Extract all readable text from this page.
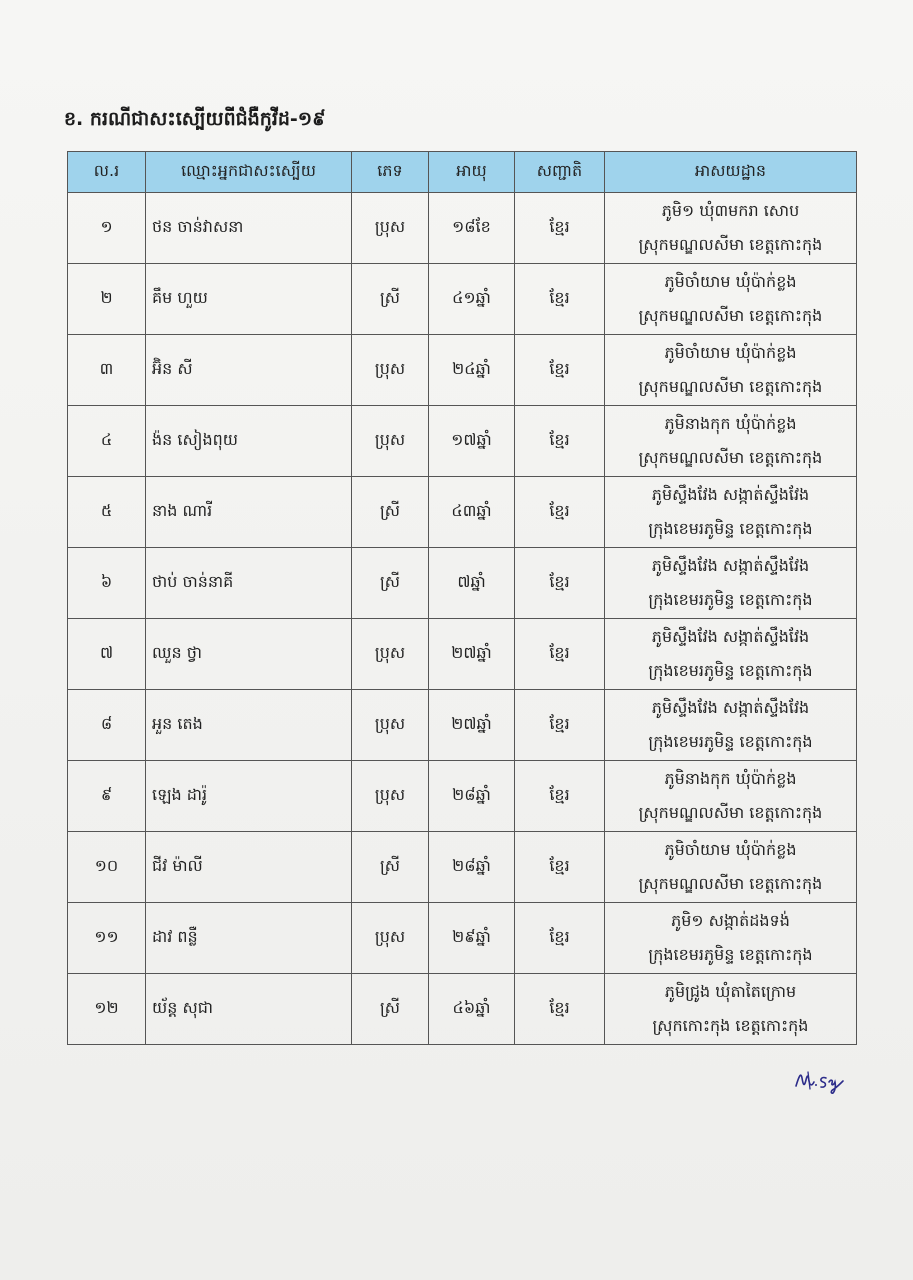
ខ. ករណីជាសះស្បើយពីជំងឺកូវីដ-១៩
ល.រ	ឈ្មោះអ្នកជាសះស្បើយ	ភេទ	អាយុ	សញ្ជាតិ	អាសយដ្ឋាន
១	ថន ចាន់វាសនា	ប្រុស	១៨ខែ	ខ្មែរ	ភូមិ១ ឃុំ៣មករា សោប
ស្រុកមណ្ឌលសីមា ខេត្តកោះកុង

២	គឹម ហួយ	ស្រី	៤១ឆ្នាំ	ខ្មែរ	ភូមិចាំយាម ឃុំប៉ាក់ខ្លង
ស្រុកមណ្ឌលសីមា ខេត្តកោះកុង

៣	អ៊ិន សី	ប្រុស	២៤ឆ្នាំ	ខ្មែរ	ភូមិចាំយាម ឃុំប៉ាក់ខ្លង
ស្រុកមណ្ឌលសីមា ខេត្តកោះកុង

៤	ង៉ន សៀងពុយ	ប្រុស	១៧ឆ្នាំ	ខ្មែរ	ភូមិនាងកុក ឃុំប៉ាក់ខ្លង
ស្រុកមណ្ឌលសីមា ខេត្តកោះកុង

៥	នាង ណារី	ស្រី	៤៣ឆ្នាំ	ខ្មែរ	ភូមិស្ទឹងវែង សង្កាត់ស្ទឹងវែង
ក្រុងខេមរភូមិន្ទ ខេត្តកោះកុង

៦	ថាប់ ចាន់នាគី	ស្រី	៧ឆ្នាំ	ខ្មែរ	ភូមិស្ទឹងវែង សង្កាត់ស្ទឹងវែង
ក្រុងខេមរភូមិន្ទ ខេត្តកោះកុង

៧	ឈួន ថ្វា	ប្រុស	២៧ឆ្នាំ	ខ្មែរ	ភូមិស្ទឹងវែង សង្កាត់ស្ទឹងវែង
ក្រុងខេមរភូមិន្ទ ខេត្តកោះកុង

៨	អួន តេង	ប្រុស	២៧ឆ្នាំ	ខ្មែរ	ភូមិស្ទឹងវែង សង្កាត់ស្ទឹងវែង
ក្រុងខេមរភូមិន្ទ ខេត្តកោះកុង

៩	ឡេង ដារ៉ូ	ប្រុស	២៨ឆ្នាំ	ខ្មែរ	ភូមិនាងកុក ឃុំប៉ាក់ខ្លង
ស្រុកមណ្ឌលសីមា ខេត្តកោះកុង

១០	ជីវ ម៉ាលី	ស្រី	២៨ឆ្នាំ	ខ្មែរ	ភូមិចាំយាម ឃុំប៉ាក់ខ្លង
ស្រុកមណ្ឌលសីមា ខេត្តកោះកុង

១១	ដាវ ពន្លឺ	ប្រុស	២៩ឆ្នាំ	ខ្មែរ	ភូមិ១ សង្កាត់ដងទង់
ក្រុងខេមរភូមិន្ទ ខេត្តកោះកុង

១២	យ័ន្ត សុជា	ស្រី	៤៦ឆ្នាំ	ខ្មែរ	ភូមិជ្រូង ឃុំតាតៃក្រោម
ស្រុកកោះកុង ខេត្តកោះកុង
